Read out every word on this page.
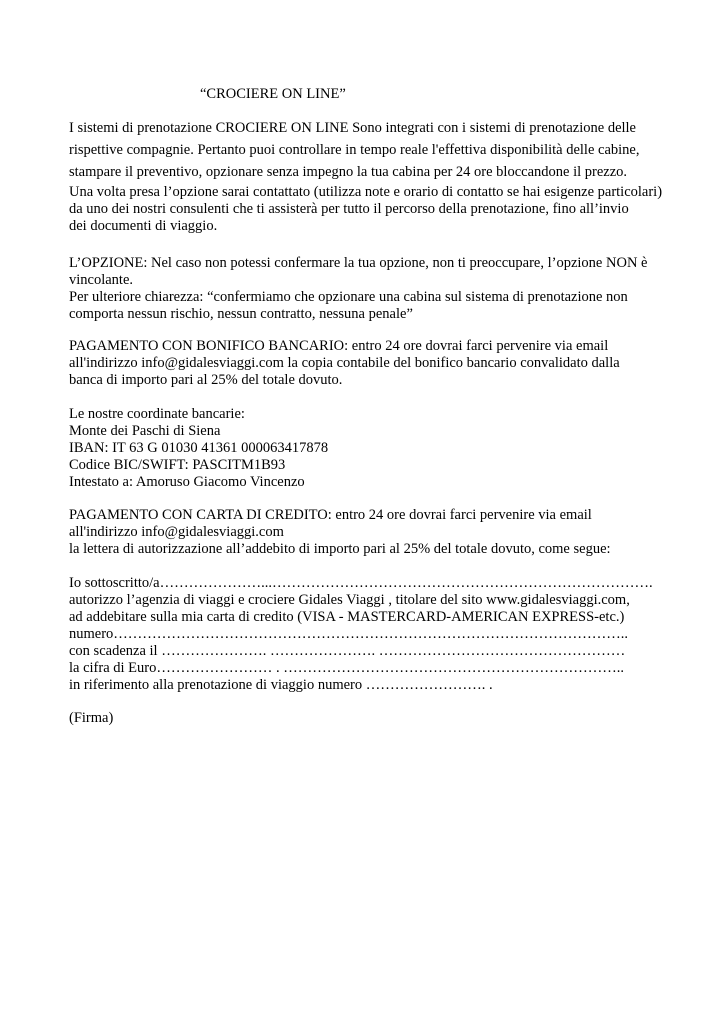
“CROCIERE ON LINE”

I sistemi di prenotazione CROCIERE ON LINE Sono integrati con i sistemi di prenotazione delle

rispettive compagnie. Pertanto puoi controllare in tempo reale l'effettiva disponibilità delle cabine,

stampare il preventivo, opzionare senza impegno la tua cabina per 24 ore bloccandone il prezzo.

Una volta presa l’opzione sarai contattato (utilizza note e orario di contatto se hai esigenze particolari)

da uno dei nostri consulenti che ti assisterà per tutto il percorso della prenotazione, fino all’invio

dei documenti di viaggio.

L’OPZIONE: Nel caso non potessi confermare la tua opzione, non ti preoccupare, l’opzione NON è

vincolante.

Per ulteriore chiarezza: “confermiamo che opzionare una cabina sul sistema di prenotazione non

comporta nessun rischio, nessun contratto, nessuna penale”

PAGAMENTO CON BONIFICO BANCARIO: entro 24 ore dovrai farci pervenire via email

all'indirizzo info@gidalesviaggi.com la copia contabile del bonifico bancario convalidato dalla

banca di importo pari al 25% del totale dovuto.

Le nostre coordinate bancarie:

Monte dei Paschi di Siena

IBAN: IT 63 G 01030 41361 000063417878

Codice BIC/SWIFT: PASCITM1B93

Intestato a: Amoruso Giacomo Vincenzo

PAGAMENTO CON CARTA DI CREDITO: entro 24 ore dovrai farci pervenire via email

all'indirizzo info@gidalesviaggi.com

la lettera di autorizzazione all’addebito di importo pari al 25% del totale dovuto, come segue:

Io sottoscritto/a…………………...…………………………………………………………………….

autorizzo l’agenzia di viaggi e crociere Gidales Viaggi , titolare del sito www.gidalesviaggi.com,

ad addebitare sulla mia carta di credito (VISA - MASTERCARD-AMERICAN EXPRESS-etc.)

numero……………………………………………………………………………………………..

con scadenza il …………………. …………………. ……………………………………………

la cifra di Euro…………………… . ……………………………………………………………..

in riferimento alla prenotazione di viaggio numero ……………………. .

(Firma)
